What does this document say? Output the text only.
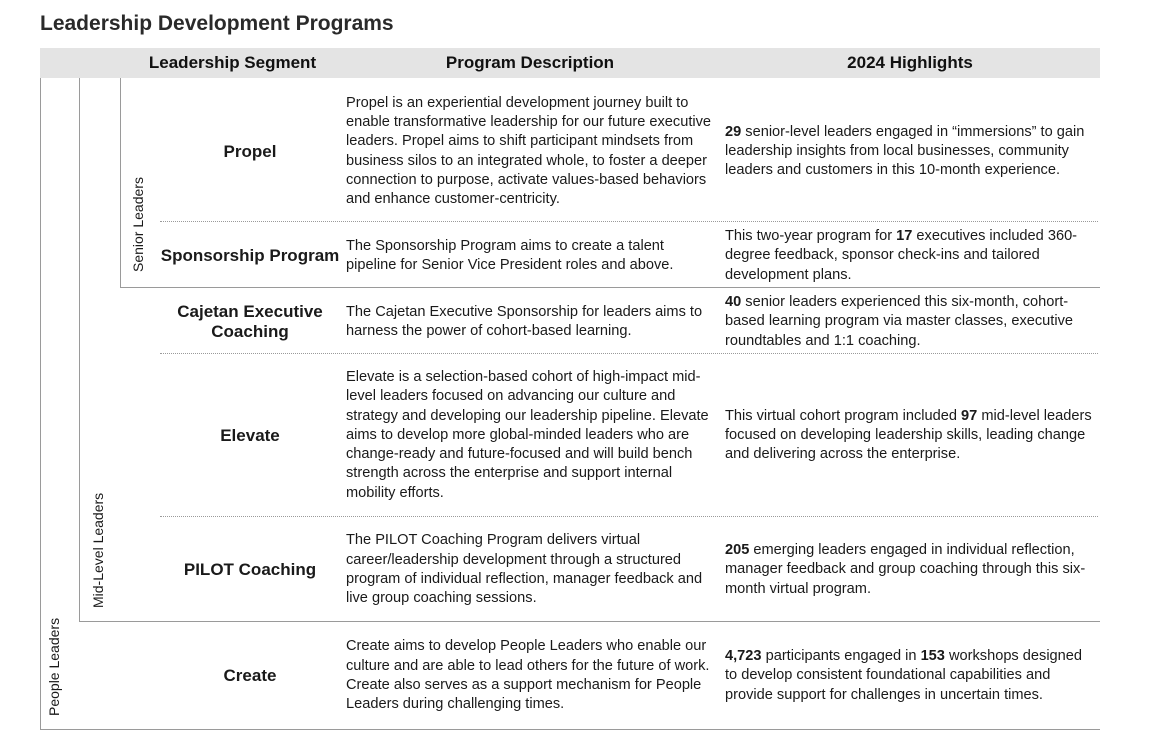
Leadership Development Programs
Leadership Segment	Program Description	2024 Highlights
People Leaders
Mid-Level Leaders
Senior Leaders
Propel
Propel is an experiential development journey built to enable transformative leadership for our future executive leaders. Propel aims to shift participant mindsets from business silos to an integrated whole, to foster a deeper connection to purpose, activate values-based behaviors and enhance customer-centricity.
29 senior-level leaders engaged in “immersions” to gain leadership insights from local businesses, community leaders and customers in this 10-month experience.
Sponsorship Program
The Sponsorship Program aims to create a talent pipeline for Senior Vice President roles and above.
This two-year program for 17 executives included 360-degree feedback, sponsor check-ins and tailored development plans.
Cajetan Executive Coaching
The Cajetan Executive Sponsorship for leaders aims to harness the power of cohort-based learning.
40 senior leaders experienced this six-month, cohort-based learning program via master classes, executive roundtables and 1:1 coaching.
Elevate
Elevate is a selection-based cohort of high-impact mid-level leaders focused on advancing our culture and strategy and developing our leadership pipeline. Elevate aims to develop more global-minded leaders who are change-ready and future-focused and will build bench strength across the enterprise and support internal mobility efforts.
This virtual cohort program included 97 mid-level leaders focused on developing leadership skills, leading change and delivering across the enterprise.
PILOT Coaching
The PILOT Coaching Program delivers virtual career/leadership development through a structured program of individual reflection, manager feedback and live group coaching sessions.
205 emerging leaders engaged in individual reflection, manager feedback and group coaching through this six-month virtual program.
Create
Create aims to develop People Leaders who enable our culture and are able to lead others for the future of work. Create also serves as a support mechanism for People Leaders during challenging times.
4,723 participants engaged in 153 workshops designed to develop consistent foundational capabilities and provide support for challenges in uncertain times.
